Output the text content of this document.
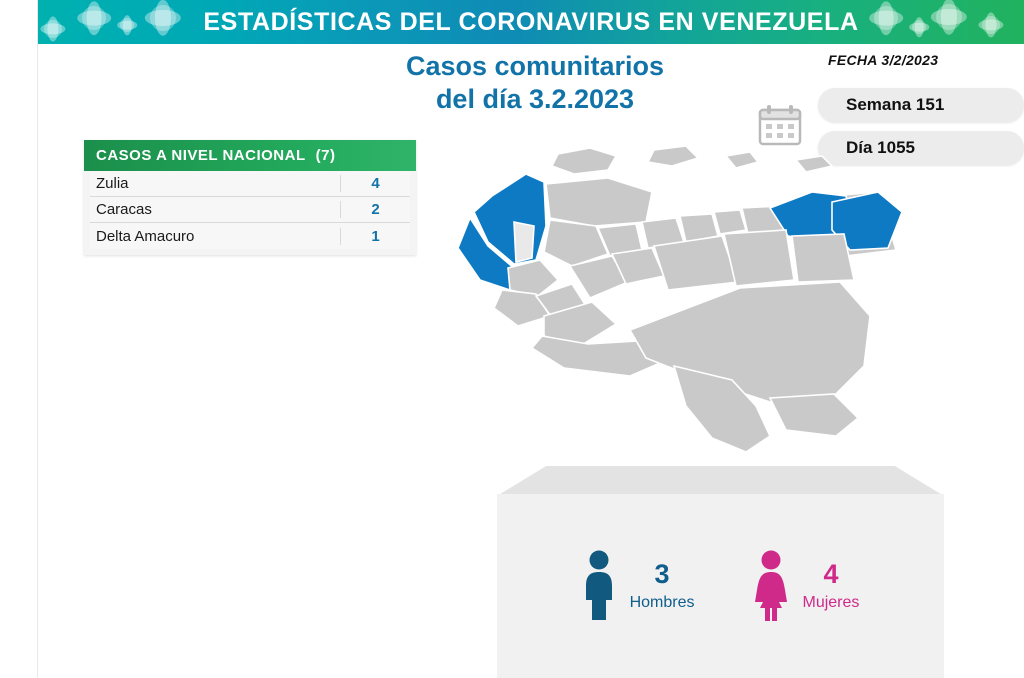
ESTADÍSTICAS DEL CORONAVIRUS EN VENEZUELA
Casos comunitarios
del día 3.2.2023
FECHA 3/2/2023
Semana 151
Día 1055
CASOS A NIVEL NACIONAL (7)
Zulia	4
Caracas	2
Delta Amacuro	1
3
Hombres
4
Mujeres
